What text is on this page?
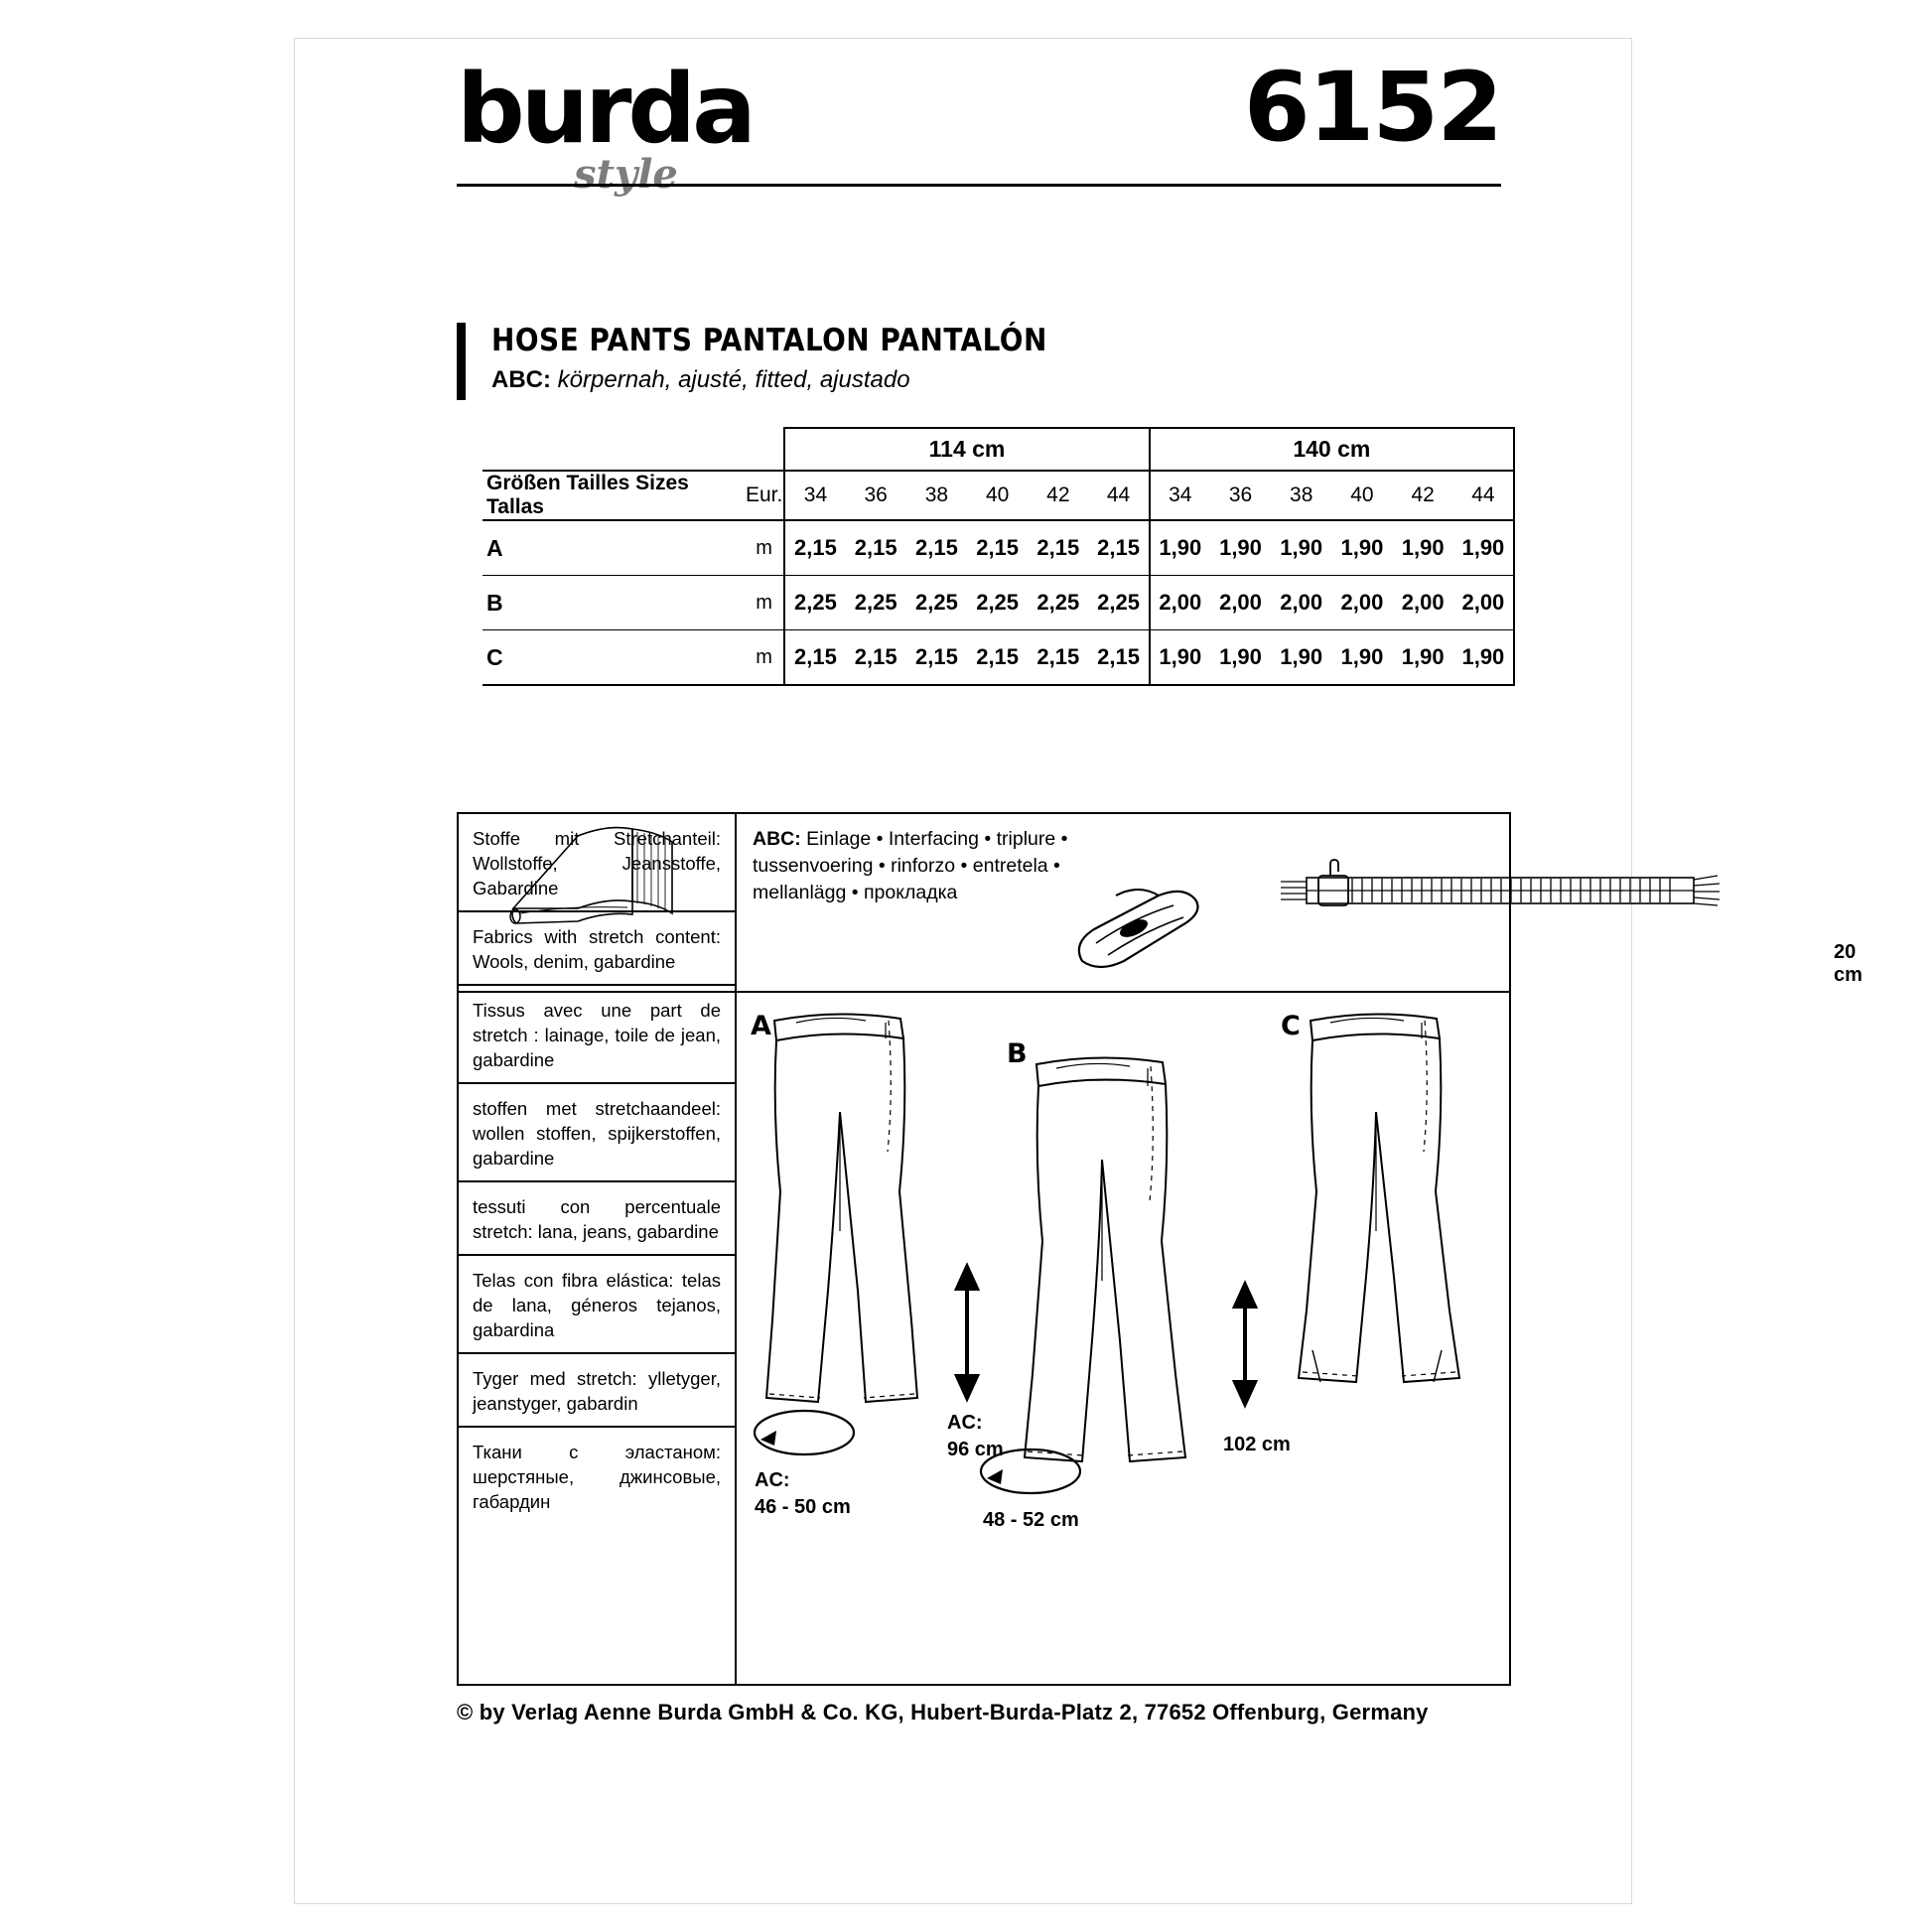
burda
style
6152
HOSE PANTS PANTALON PANTALÓN
ABC: körpernah, ajusté, fitted, ajustado
		114 cm						140 cm					
Größen Tailles Sizes Tallas	Eur.	34	36	38	40	42	44	34	36	38	40	42	44
A	m	2,15	2,15	2,15	2,15	2,15	2,15	1,90	1,90	1,90	1,90	1,90	1,90
B	m	2,25	2,25	2,25	2,25	2,25	2,25	2,00	2,00	2,00	2,00	2,00	2,00
C	m	2,15	2,15	2,15	2,15	2,15	2,15	1,90	1,90	1,90	1,90	1,90	1,90
Stoffe mit Stretchanteil: Wollstoffe, Jeansstoffe, Gabardine
Fabrics with stretch content: Wools, denim, gabardine
Tissus avec une part de stretch : lainage, toile de jean, gabardine
stoffen met stretchaandeel: wollen stoffen, spijkerstoffen, gabardine
tessuti con percentuale stretch: lana, jeans, gabardine
Telas con fibra elástica: telas de lana, géneros tejanos, gabardina
Tyger med stretch: ylletyger, jeanstyger, gabardin
Ткани с эластаном: шерстяные, джинсовые, габардин
ABC: Einlage • Interfacing • triplure • tussenvoering • rinforzo • entretela • mellanlägg • прокладка
20 cm
A
B
C
AC:
96 cm	102 cm
AC:
46 - 50 cm
48 - 52 cm
© by Verlag Aenne Burda GmbH & Co. KG, Hubert-Burda-Platz 2, 77652 Offenburg, Germany
